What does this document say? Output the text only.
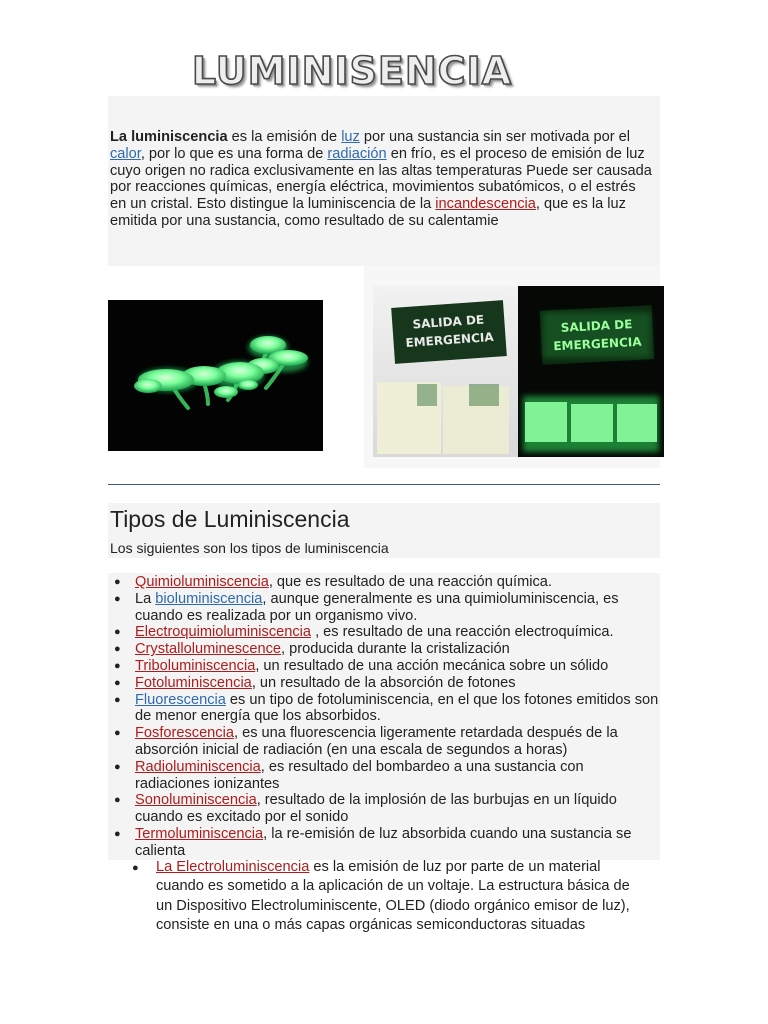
LUMINISENCIA

La luminiscencia es la emisión de luz por una sustancia sin ser motivada por el calor, por lo que es una forma de radiación en frío, es el proceso de emisión de luz cuyo origen no radica exclusivamente en las altas temperaturas Puede ser causada por reacciones químicas, energía eléctrica, movimientos subatómicos, o el estrés en un cristal. Esto distingue la luminiscencia de la incandescencia, que es la luz emitida por una sustancia, como resultado de su calentamie

SALIDA DE
EMERGENCIA
SALIDA DE
EMERGENCIA
Tipos de Luminiscencia
Los siguientes son los tipos de luminiscencia
● Quimioluminiscencia, que es resultado de una reacción química.
● La bioluminiscencia, aunque generalmente es una quimioluminiscencia, es cuando es realizada por un organismo vivo.
● Electroquimioluminiscencia , es resultado de una reacción electroquímica.
● Crystalloluminescence, producida durante la cristalización
● Triboluminiscencia, un resultado de una acción mecánica sobre un sólido
● Fotoluminiscencia, un resultado de la absorción de fotones
● Fluorescencia es un tipo de fotoluminiscencia, en el que los fotones emitidos son de menor energía que los absorbidos.
● Fosforescencia, es una fluorescencia ligeramente retardada después de la absorción inicial de radiación (en una escala de segundos a horas)
● Radioluminiscencia, es resultado del bombardeo a una sustancia con radiaciones ionizantes
● Sonoluminiscencia, resultado de la implosión de las burbujas en un líquido cuando es excitado por el sonido
● Termoluminiscencia, la re-emisión de luz absorbida cuando una sustancia se calienta
● La Electroluminiscencia es la emisión de luz por parte de un material cuando es sometido a la aplicación de un voltaje. La estructura básica de un Dispositivo Electroluminiscente, OLED (diodo orgánico emisor de luz), consiste en una o más capas orgánicas semiconductoras situadas
